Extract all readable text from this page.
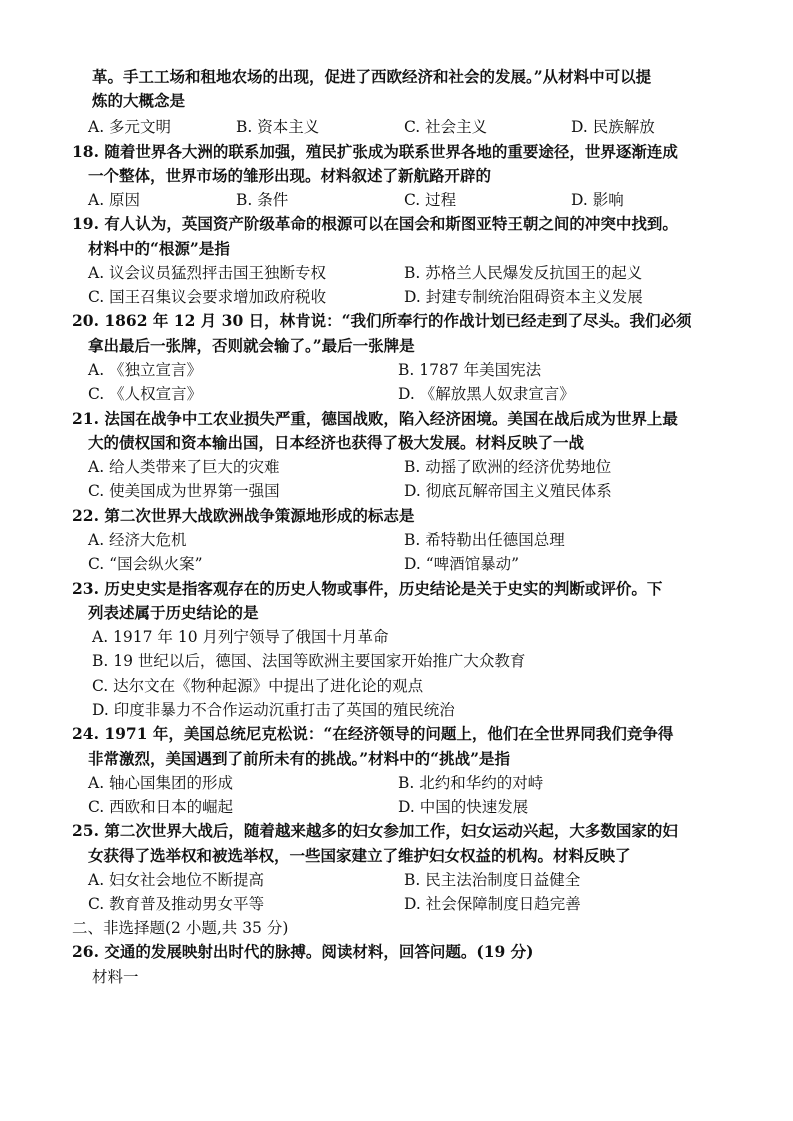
革。手工工场和租地农场的出现，促进了西欧经济和社会的发展。”从材料中可以提
炼的大概念是
A. 多元文明	B. 资本主义	C. 社会主义	D. 民族解放
18. 随着世界各大洲的联系加强，殖民扩张成为联系世界各地的重要途径，世界逐渐连成
一个整体，世界市场的雏形出现。材料叙述了新航路开辟的
A. 原因	B. 条件	C. 过程	D. 影响
19. 有人认为，英国资产阶级革命的根源可以在国会和斯图亚特王朝之间的冲突中找到。
材料中的“根源”是指
A. 议会议员猛烈抨击国王独断专权	B. 苏格兰人民爆发反抗国王的起义
C. 国王召集议会要求增加政府税收	D. 封建专制统治阻碍资本主义发展
20. 1862 年 12 月 30 日，林肯说：“我们所奉行的作战计划已经走到了尽头。我们必须
拿出最后一张牌，否则就会输了。”最后一张牌是
A. 《独立宣言》	B. 1787 年美国宪法
C. 《人权宣言》	D. 《解放黑人奴隶宣言》
21. 法国在战争中工农业损失严重，德国战败，陷入经济困境。美国在战后成为世界上最
大的债权国和资本输出国，日本经济也获得了极大发展。材料反映了一战
A. 给人类带来了巨大的灾难	B. 动摇了欧洲的经济优势地位
C. 使美国成为世界第一强国	D. 彻底瓦解帝国主义殖民体系
22. 第二次世界大战欧洲战争策源地形成的标志是
A. 经济大危机	B. 希特勒出任德国总理
C. “国会纵火案”	D. “啤酒馆暴动”
23. 历史史实是指客观存在的历史人物或事件，历史结论是关于史实的判断或评价。下
列表述属于历史结论的是
A. 1917 年 10 月列宁领导了俄国十月革命
B. 19 世纪以后，德国、法国等欧洲主要国家开始推广大众教育
C. 达尔文在《物种起源》中提出了进化论的观点
D. 印度非暴力不合作运动沉重打击了英国的殖民统治
24. 1971 年，美国总统尼克松说：“在经济领导的问题上，他们在全世界同我们竞争得
非常激烈，美国遇到了前所未有的挑战。”材料中的“挑战”是指
A. 轴心国集团的形成	B. 北约和华约的对峙
C. 西欧和日本的崛起	D. 中国的快速发展
25. 第二次世界大战后，随着越来越多的妇女参加工作，妇女运动兴起，大多数国家的妇
女获得了选举权和被选举权，一些国家建立了维护妇女权益的机构。材料反映了
A. 妇女社会地位不断提高	B. 民主法治制度日益健全
C. 教育普及推动男女平等	D. 社会保障制度日趋完善
二、非选择题(2 小题,共 35 分)
26. 交通的发展映射出时代的脉搏。阅读材料，回答问题。(19 分)
材料一
